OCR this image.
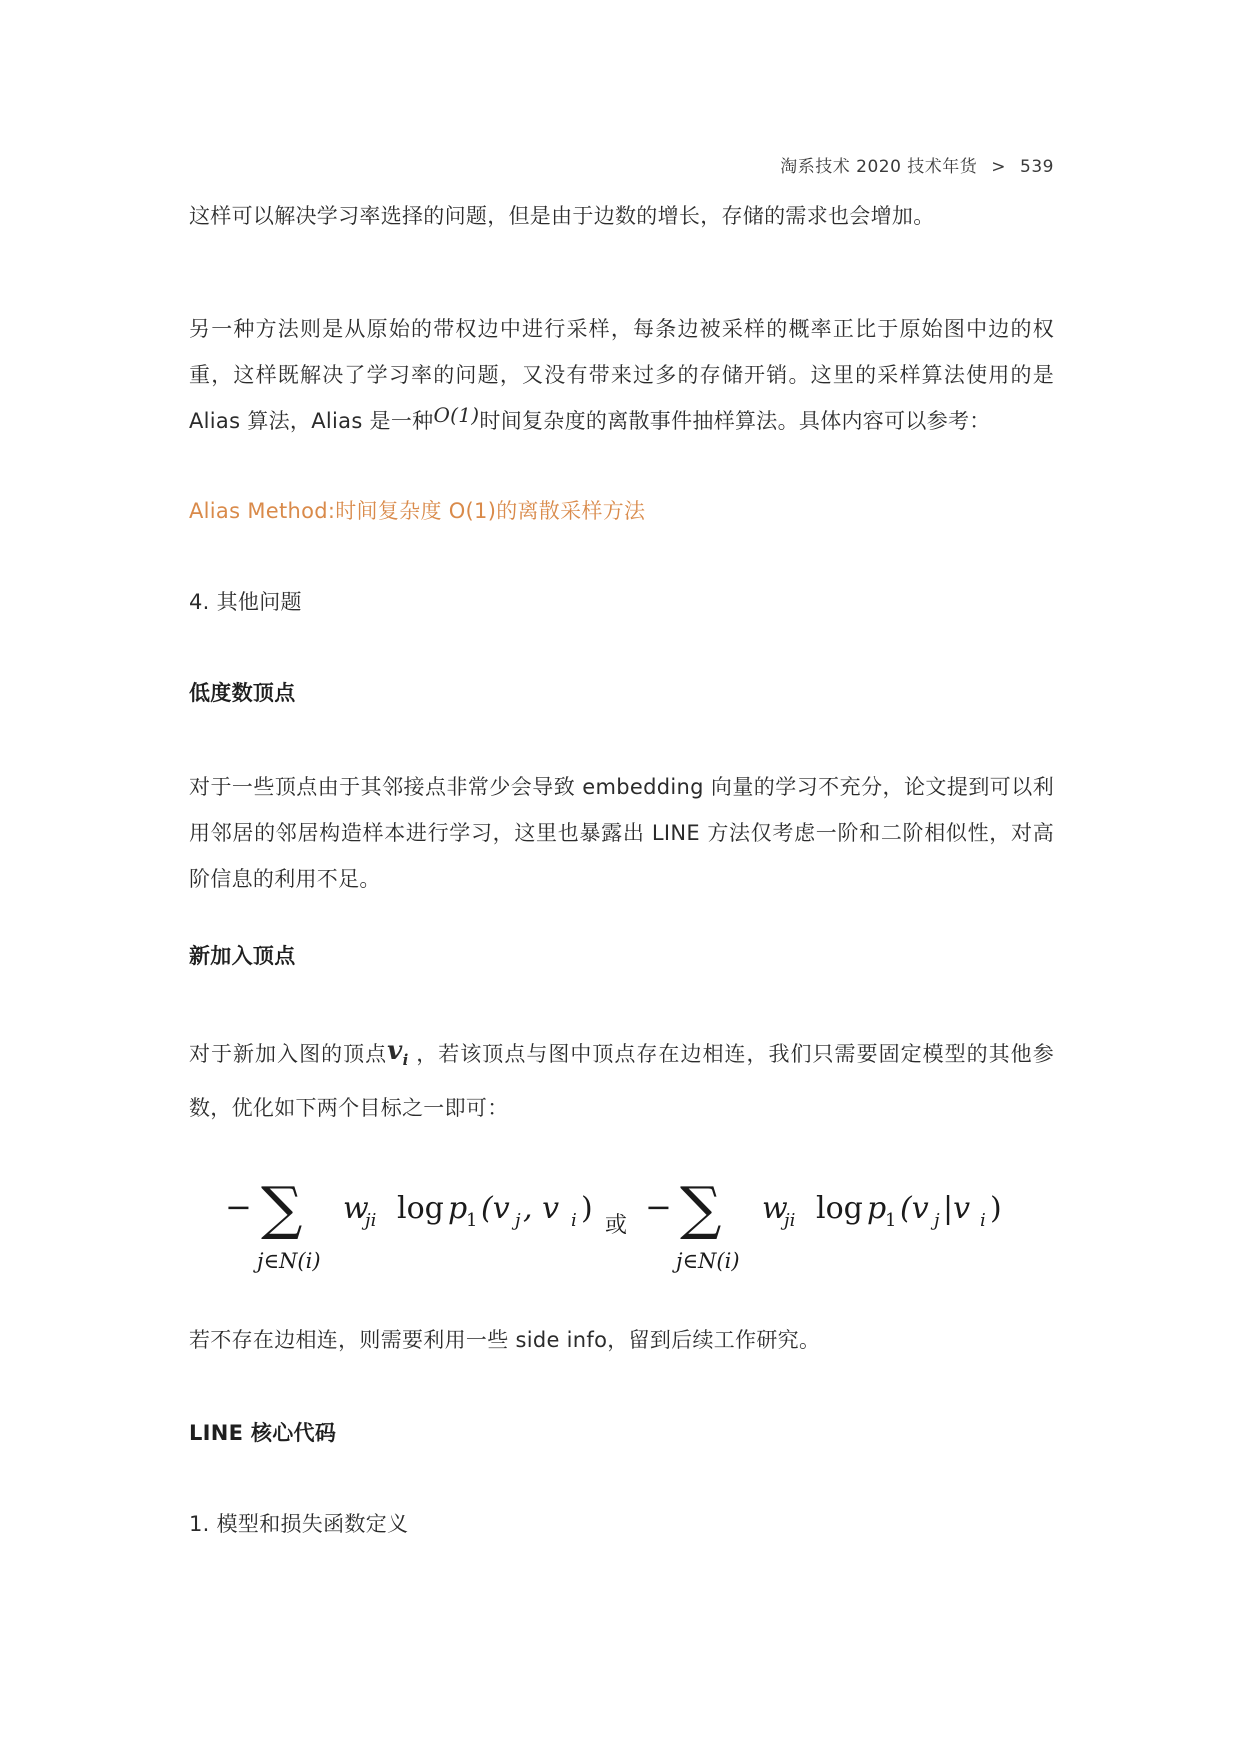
淘系技术 2020 技术年货 > 539
这样可以解决学习率选择的问题，但是由于边数的增长，存储的需求也会增加。
另一种方法则是从原始的带权边中进行采样，每条边被采样的概率正比于原始图中边的权重，这样既解决了学习率的问题，又没有带来过多的存储开销。这里的采样算法使用的是 Alias 算法，Alias 是一种O(1)时间复杂度的离散事件抽样算法。具体内容可以参考：
Alias Method:时间复杂度 O(1)的离散采样方法
4. 其他问题
低度数顶点
对于一些顶点由于其邻接点非常少会导致 embedding 向量的学习不充分，论文提到可以利用邻居的邻居构造样本进行学习，这里也暴露出 LINE 方法仅考虑一阶和二阶相似性，对高阶信息的利用不足。
新加入顶点
对于新加入图的顶点$v_i$ ，若该顶点与图中顶点存在边相连，我们只需要固定模型的其他参数，优化如下两个目标之一即可：
若不存在边相连，则需要利用一些 side info，留到后续工作研究。
LINE 核心代码
1. 模型和损失函数定义
− ∑
j∈N(i)
w
ji log p
1 (v j , v i ) 或 − ∑
j∈N(i)
w
ji log p
1 (v j |v i )
